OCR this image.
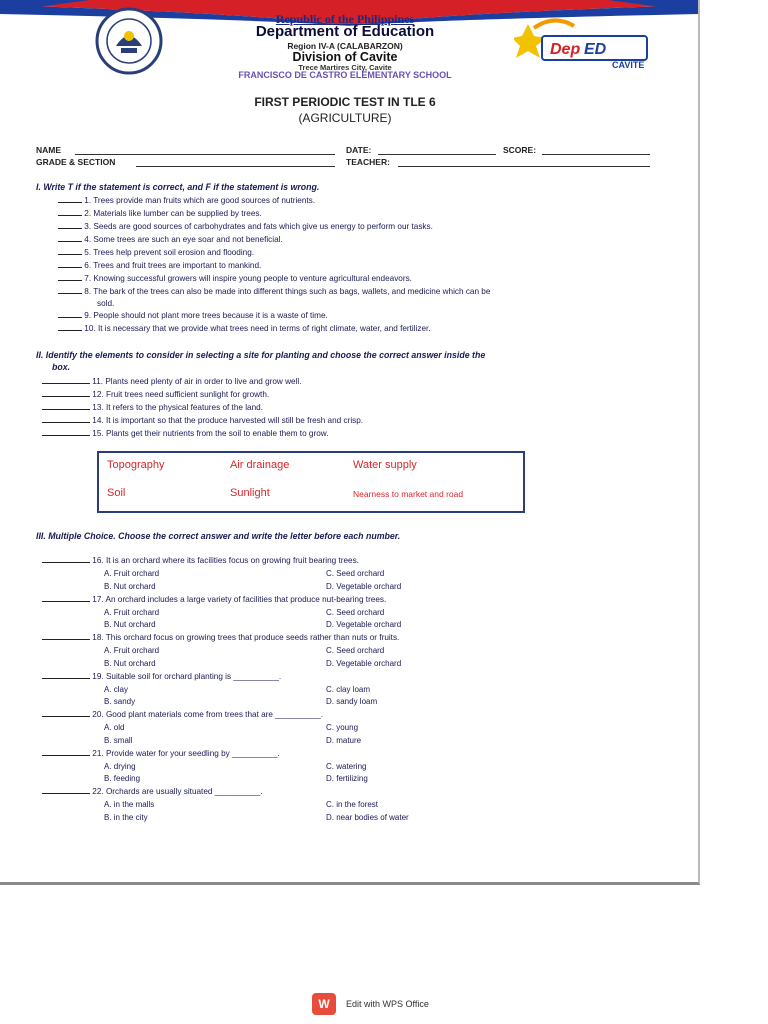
Dep ED
CAVITE
Republic of the Philippines
Department of Education
Region IV-A (CALABARZON)
Division of Cavite
Trece Martires City, Cavite
FRANCISCO DE CASTRO ELEMENTARY SCHOOL
FIRST PERIODIC TEST IN TLE 6
(AGRICULTURE)
NAME	DATE:	SCORE:
GRADE & SECTION	TEACHER:
I. Write T if the statement is correct, and F if the statement is wrong.
1. Trees provide man fruits which are good sources of nutrients.
2. Materials like lumber can be supplied by trees.
3. Seeds are good sources of carbohydrates and fats which give us energy to perform our tasks.
4. Some trees are such an eye soar and not beneficial.
5. Trees help prevent soil erosion and flooding.
6. Trees and fruit trees are important to mankind.
7. Knowing successful growers will inspire young people to venture agricultural endeavors.
8. The bark of the trees can also be made into different things such as bags, wallets, and medicine which can be
sold.
9. People should not plant more trees because it is a waste of time.
10. It is necessary that we provide what trees need in terms of right climate, water, and fertilizer.
II. Identify the elements to consider in selecting a site for planting and choose the correct answer inside the
box.
11. Plants need plenty of air in order to live and grow well.
12. Fruit trees need sufficient sunlight for growth.
13. It refers to the physical features of the land.
14. It is important so that the produce harvested will still be fresh and crisp.
15. Plants get their nutrients from the soil to enable them to grow.
Topography	Air drainage	Water supply
Soil	Sunlight	Nearness to market and road
III. Multiple Choice. Choose the correct answer and write the letter before each number.
16. It is an orchard where its facilities focus on growing fruit bearing trees.
A. Fruit orchard
B. Nut orchard
C. Seed orchard
D. Vegetable orchard
17. An orchard includes a large variety of facilities that produce nut-bearing trees.
A. Fruit orchard
B. Nut orchard
C. Seed orchard
D. Vegetable orchard
18. This orchard focus on growing trees that produce seeds rather than nuts or fruits.
A. Fruit orchard
B. Nut orchard
C. Seed orchard
D. Vegetable orchard
19. Suitable soil for orchard planting is __________.
A. clay
B. sandy
C. clay loam
D. sandy loam
20. Good plant materials come from trees that are __________.
A. old
B. small
C. young
D. mature
21. Provide water for your seedling by __________.
A. drying
B. feeding
C. watering
D. fertilizing
22. Orchards are usually situated __________.
A. in the malls
B. in the city
C. in the forest
D. near bodies of water
W	Edit with WPS Office
